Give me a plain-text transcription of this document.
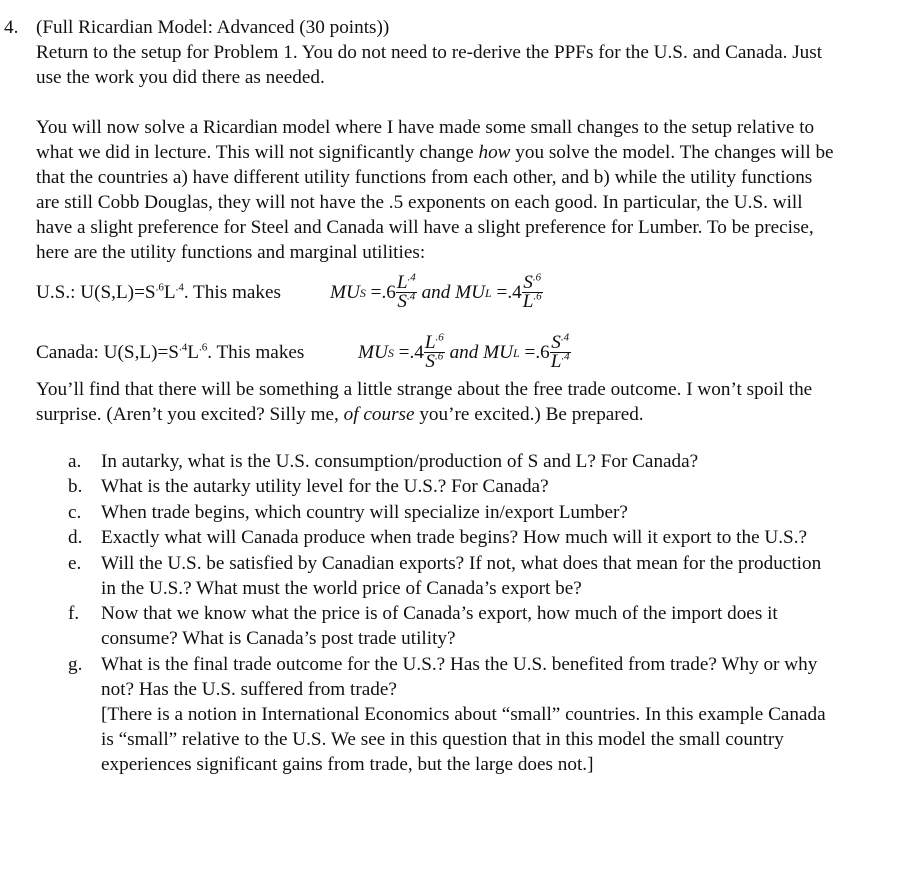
4. (Full Ricardian Model: Advanced (30 points))

Return to the setup for Problem 1. You do not need to re-derive the PPFs for the U.S. and Canada. Just use the work you did there as needed.

You will now solve a Ricardian model where I have made some small changes to the setup relative to what we did in lecture. This will not significantly change how you solve the model. The changes will be that the countries a) have different utility functions from each other, and b) while the utility functions are still Cobb Douglas, they will not have the .5 exponents on each good. In particular, the U.S. will have a slight preference for Steel and Canada will have a slight preference for Lumber. To be precise, here are the utility functions and marginal utilities:

U.S.: $U(S,L)=S^{.6}L^{.4}$. This makes	MU S
= $.6 \frac{L^{.4}}{S^{.4}}$
and MU L
= $.4 \frac{S^{.6}}{L^{.6}}$
Canada: $U(S,L)=S^{.4}L^{.6}$. This makes	MU S
= $.4 \frac{L^{.6}}{S^{.6}}$
and MU L
= $.6 \frac{S^{.4}}{L^{.4}}$

You’ll find that there will be something a little strange about the free trade outcome. I won’t spoil the surprise. (Aren’t you excited? Silly me, of course you’re excited.) Be prepared.

a. In autarky, what is the U.S. consumption/production of S and L? For Canada?
b. What is the autarky utility level for the U.S.? For Canada?
c. When trade begins, which country will specialize in/export Lumber?
d. Exactly what will Canada produce when trade begins? How much will it export to the U.S.?
e. Will the U.S. be satisfied by Canadian exports? If not, what does that mean for the production in the U.S.? What must the world price of Canada’s export be?
f. Now that we know what the price is of Canada’s export, how much of the import does it consume? What is Canada’s post trade utility?
g. What is the final trade outcome for the U.S.? Has the U.S. benefited from trade? Why or why not? Has the U.S. suffered from trade?
[There is a notion in International Economics about “small” countries. In this example Canada is “small” relative to the U.S. We see in this question that in this model the small country experiences significant gains from trade, but the large does not.]
